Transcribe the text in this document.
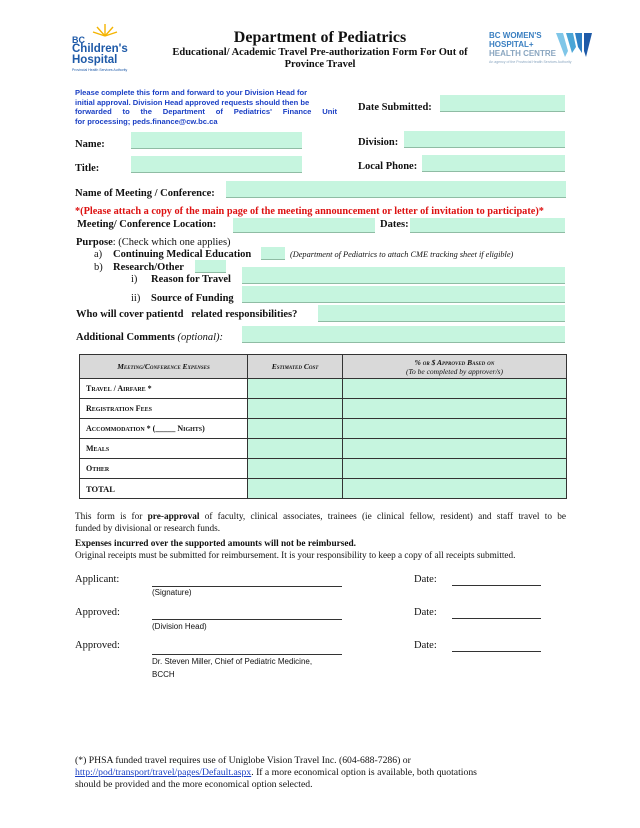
BC
Children's
Hospital
Provincial Health Services Authority
BC WOMEN'S
HOSPITAL+
HEALTH CENTRE
An agency of the Provincial Health Services Authority
Department of Pediatrics
Educational/ Academic Travel Pre-authorization Form For Out of
Province Travel
Please complete this form and forward to your Division Head for
initial approval. Division Head approved requests should then be
forwarded to the Department of Pediatrics' Finance Unit
for processing; peds.finance@cw.bc.ca
Date Submitted:
Name:	Division:
Title:	Local Phone:
Name of Meeting / Conference:
*(Please attach a copy of the main page of the meeting announcement or letter of invitation to participate)*
Meeting/ Conference Location:	Dates:
Purpose: (Check which one applies)
a) Continuing Medical Education	(Department of Pediatrics to attach CME tracking sheet if eligible)
b) Research/Other
i) Reason for Travel
ii) Source of Funding
Who will cover patientd   related responsibilities?
Additional Comments (optional):
Meeting/Conference Expenses	Estimated Cost	% or $ Approved Based on
(To be completed by approver/s)

Travel / Airfare *		
Registration Fees		
Accommodation * (_____ Nights)		
Meals		
Other		
TOTAL		
This form is for pre-approval of faculty, clinical associates, trainees (ie clinical fellow, resident) and staff travel to be
funded by divisional or research funds.
Expenses incurred over the supported amounts will not be reimbursed.
Original receipts must be submitted for reimbursement. It is your responsibility to keep a copy of all receipts submitted.
Applicant:
(Signature)
Date:
Approved:
(Division Head)
Date:
Approved:
Dr. Steven Miller, Chief of Pediatric Medicine,
BCCH
Date:
(*) PHSA funded travel requires use of Uniglobe Vision Travel Inc. (604-688-7286) or
http://pod/transport/travel/pages/Default.aspx. If a more economical option is available, both quotations
should be provided and the more economical option selected.
